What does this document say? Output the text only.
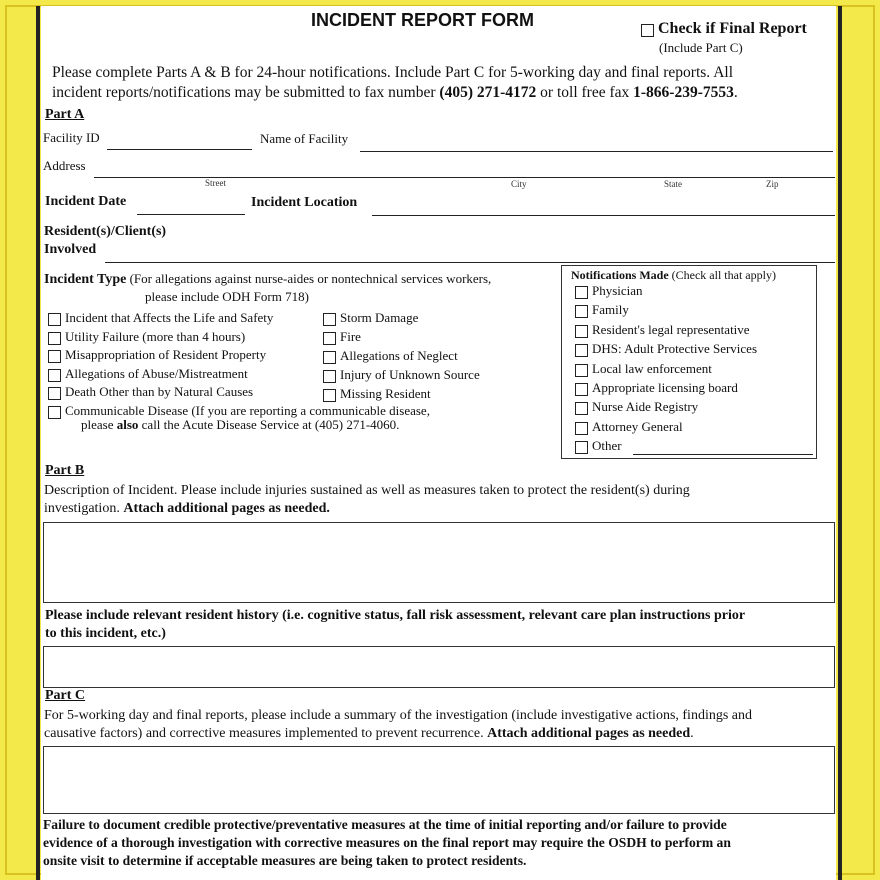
INCIDENT REPORT FORM	Check if Final Report
(Include Part C)
Please complete Parts A & B for 24-hour notifications. Include Part C for 5-working day and final reports. All
incident reports/notifications may be submitted to fax number (405) 271-4172 or toll free fax 1-866-239-7553.
Part A
Facility ID	Name of Facility
Address
Street	City	State	Zip
Incident Date	Incident Location
Resident(s)/Client(s)
Involved
Incident Type (For allegations against nurse-aides or nontechnical services workers,
please include ODH Form 718)
Incident that Affects the Life and Safety
Utility Failure (more than 4 hours)
Misappropriation of Resident Property
Allegations of Abuse/Mistreatment
Death Other than by Natural Causes
Storm Damage
Fire
Allegations of Neglect
Injury of Unknown Source
Missing Resident
Communicable Disease (If you are reporting a communicable disease,
please also call the Acute Disease Service at (405) 271-4060.
Notifications Made (Check all that apply)
Physician
Family
Resident's legal representative
DHS: Adult Protective Services
Local law enforcement
Appropriate licensing board
Nurse Aide Registry
Attorney General
Other
Part B
Description of Incident. Please include injuries sustained as well as measures taken to protect the resident(s) during
investigation. Attach additional pages as needed.
Please include relevant resident history (i.e. cognitive status, fall risk assessment, relevant care plan instructions prior
to this incident, etc.)
Part C
For 5-working day and final reports, please include a summary of the investigation (include investigative actions, findings and
causative factors) and corrective measures implemented to prevent recurrence. Attach additional pages as needed.
Failure to document credible protective/preventative measures at the time of initial reporting and/or failure to provide
evidence of a thorough investigation with corrective measures on the final report may require the OSDH to perform an
onsite visit to determine if acceptable measures are being taken to protect residents.
